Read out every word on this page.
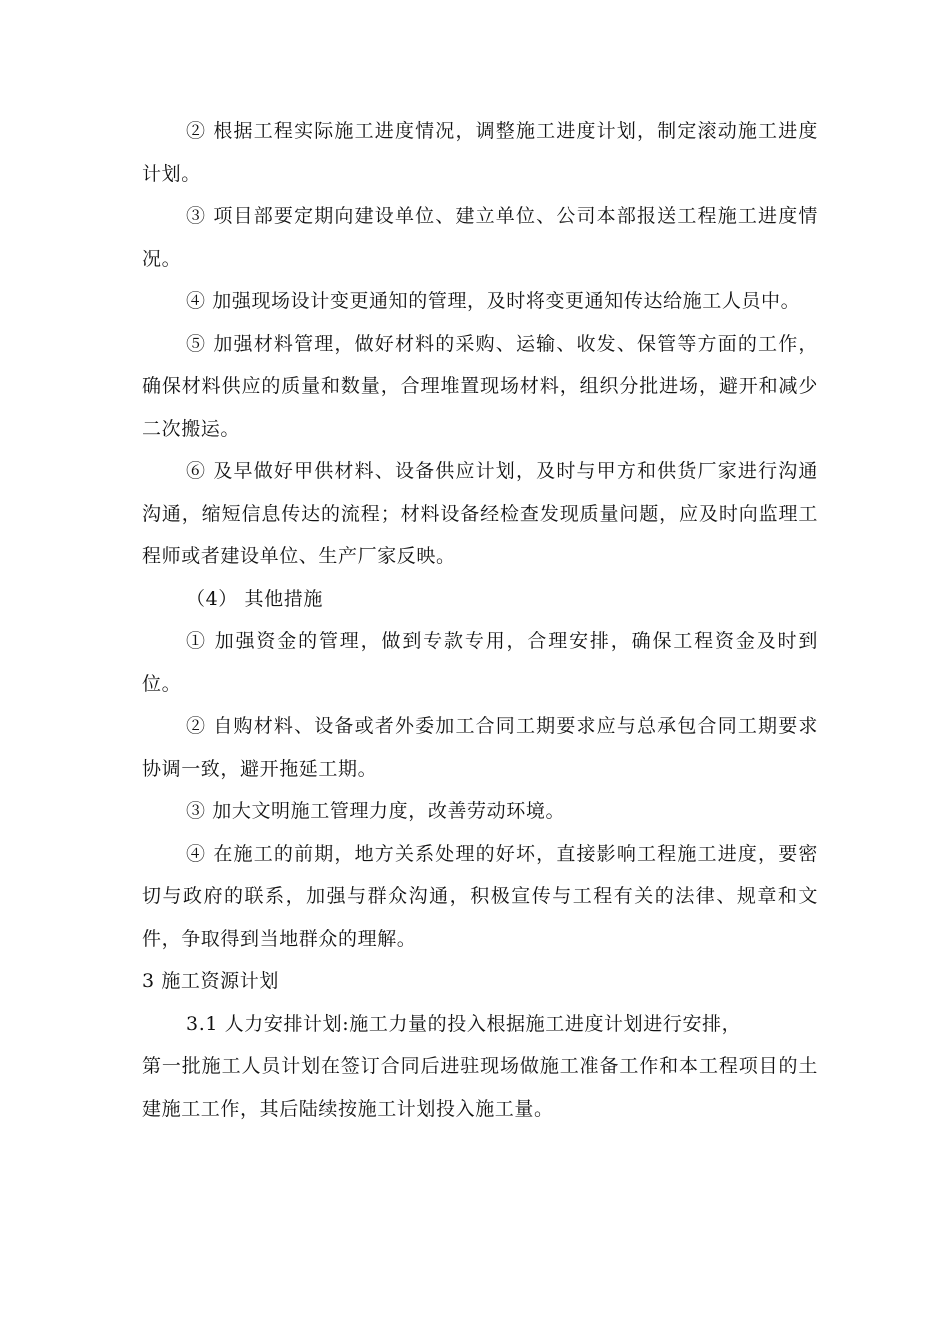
② 根据工程实际施工进度情况，调整施工进度计划，制定滚动施工进度计划。

③ 项目部要定期向建设单位、建立单位、公司本部报送工程施工进度情况。

④ 加强现场设计变更通知的管理，及时将变更通知传达给施工人员中。

⑤ 加强材料管理，做好材料的采购、运输、收发、保管等方面的工作，确保材料供应的质量和数量，合理堆置现场材料，组织分批进场，避开和减少二次搬运。

⑥ 及早做好甲供材料、设备供应计划，及时与甲方和供货厂家进行沟通沟通，缩短信息传达的流程；材料设备经检查发现质量问题，应及时向监理工程师或者建设单位、生产厂家反映。

（4） 其他措施

① 加强资金的管理，做到专款专用，合理安排，确保工程资金及时到位。

② 自购材料、设备或者外委加工合同工期要求应与总承包合同工期要求协调一致，避开拖延工期。

③ 加大文明施工管理力度，改善劳动环境。

④ 在施工的前期，地方关系处理的好坏，直接影响工程施工进度，要密切与政府的联系，加强与群众沟通，积极宣传与工程有关的法律、规章和文件，争取得到当地群众的理解。

3 施工资源计划

3.1 人力安排计划:施工力量的投入根据施工进度计划进行安排，

第一批施工人员计划在签订合同后进驻现场做施工准备工作和本工程项目的土建施工工作，其后陆续按施工计划投入施工量。
